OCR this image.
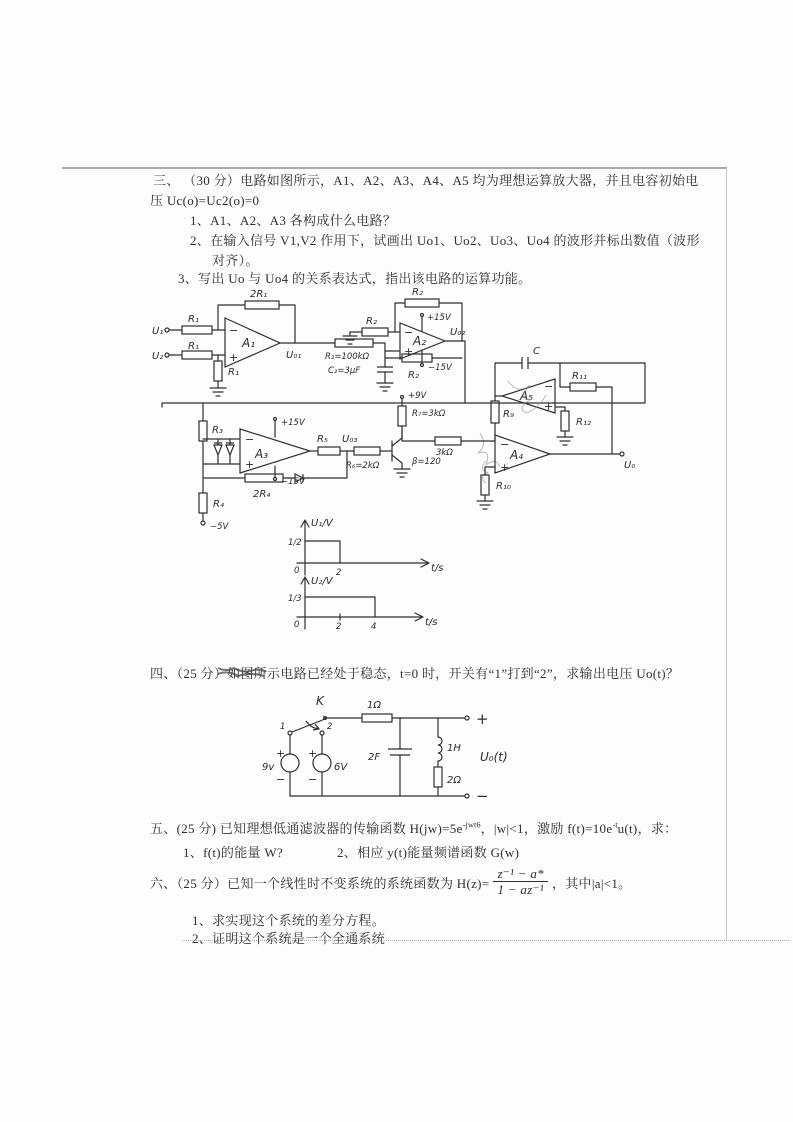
三、 （30 分）电路如图所示，A1、A2、A3、A4、A5 均为理想运算放大器，并且电容初始电
压 Uc(o)=Uc2(o)=0
1、A1、A2、A3 各构成什么电路？
2、在输入信号 V1,V2 作用下，试画出 Uo1、Uo2、Uo3、Uo4 的波形并标出数值（波形
对齐）。
3、写出 Uo 与 Uo4 的关系表达式，指出该电路的运算功能。
U₁
R₁
U₂
R₁
−
+
A₁
2R₁
R₁
U₀₁	R₂=100kΩ
R₂
−
+
A₂
R₂
+15V
−15V
C₂=3μF	R₂
U₀₂
C
−
+
A₅
R₁₁
R₁₂
R₉
R₃
−
+
A₃
+15V
−15V
R₅ U₀₃
R₆=2kΩ
2R₄
R₄
−5V
β=120
+9V
R₇=3kΩ
3kΩ
−
+
A₄
R₁₀
U₀
U₁/V
1/2
0	2	t/s
U₂/V
1/3
0	2	4	t/s
四、（25 分）如图所示电路已经处于稳态，t=0 时，开关有“1”打到“2”，求输出电压 Uo(t)？
K
1	2
1Ω
+
−
9v
+
−
6V
2F
1H
2Ω
+
−
U₀(t)
五、(25 分) 已知理想低通滤波器的传输函数 $H(jw)=5e^{-jwt6}$，|w|<1，激励 $f(t)=10e^{-t}u(t)$，求：
1、f(t)的能量 W?	2、相应 y(t)能量频谱函数 G(w)
六、（25 分）已知一个线性时不变系统的系统函数为 $H(z)= \frac{\text{z⁻¹ − a*}}{\text{1 − az⁻¹}}$ ，其中|a|<1。
1、求实现这个系统的差分方程。
2、证明这个系统是一个全通系统
